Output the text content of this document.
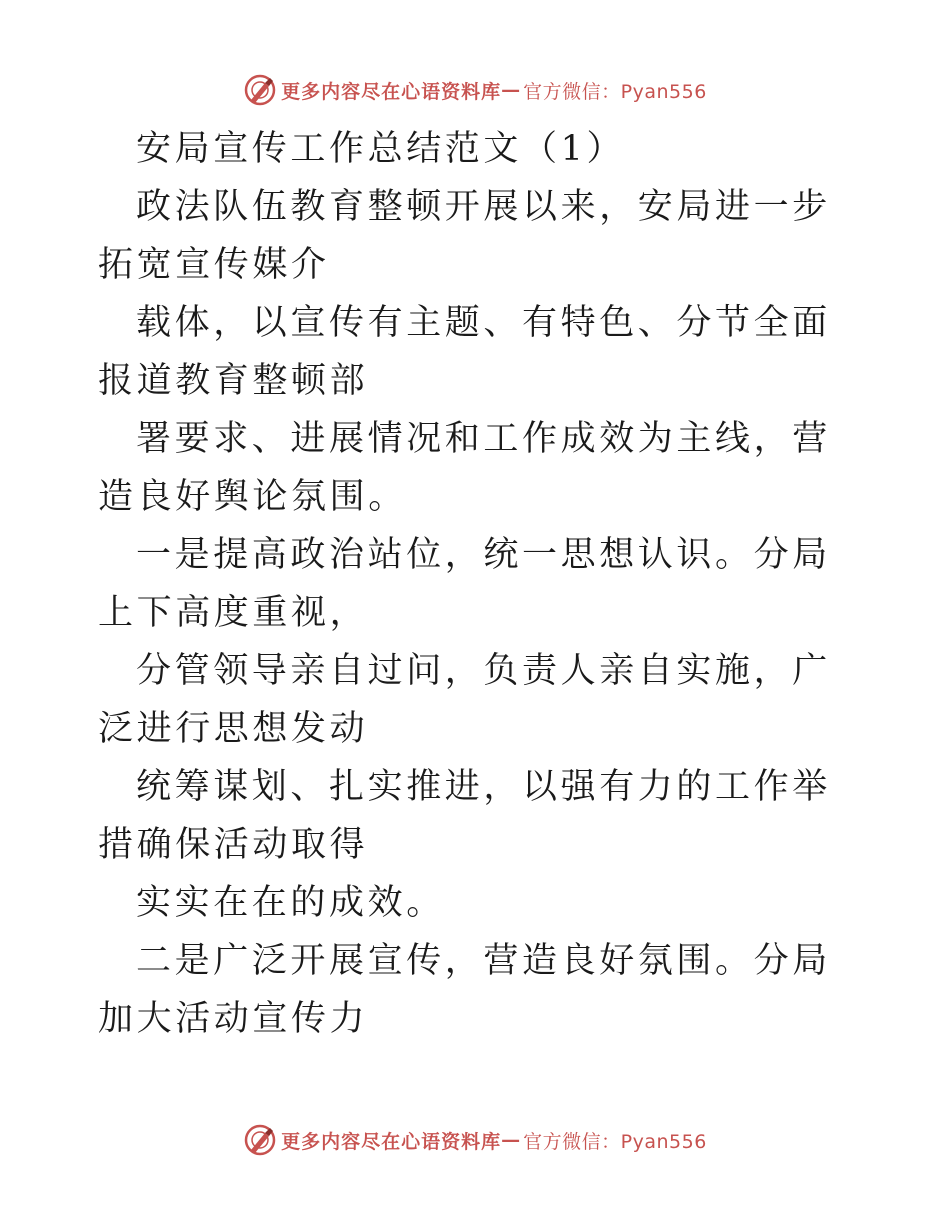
更多内容尽在心语资料库 — 官方微信：Pyan556

安局宣传工作总结范文（1）

政法队伍教育整顿开展以来，安局进一步拓宽宣传媒介

载体，以宣传有主题、有特色、分节全面报道教育整顿部

署要求、进展情况和工作成效为主线，营造良好舆论氛围。

一是提高政治站位，统一思想认识。分局上下高度重视，

分管领导亲自过问，负责人亲自实施，广泛进行思想发动

统筹谋划、扎实推进，以强有力的工作举措确保活动取得

实实在在的成效。

二是广泛开展宣传，营造良好氛围。分局加大活动宣传力

更多内容尽在心语资料库 — 官方微信：Pyan556
